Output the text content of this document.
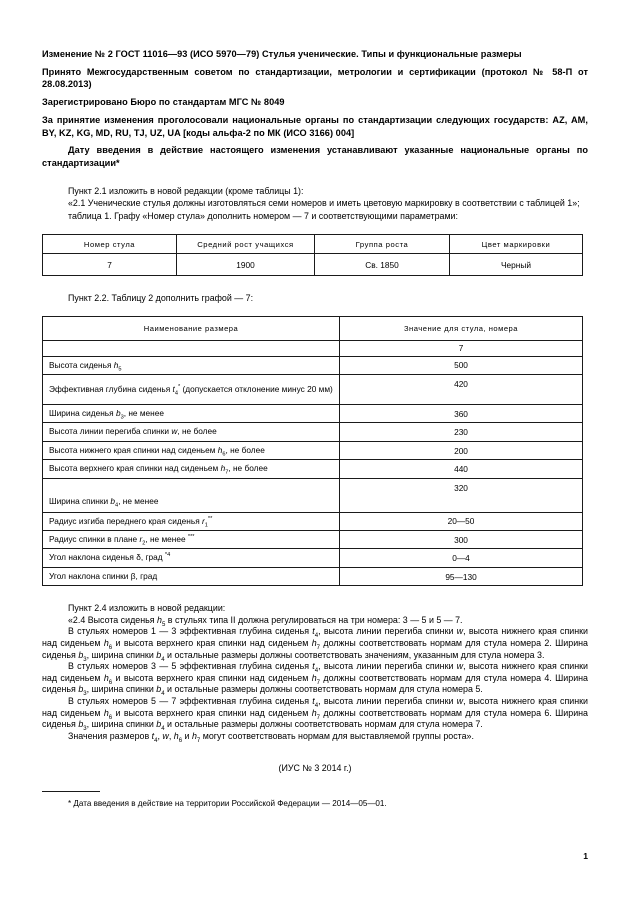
Изменение № 2 ГОСТ 11016—93 (ИСО 5970—79) Стулья ученические. Типы и функциональные размеры

Принято Межгосударственным советом по стандартизации, метрологии и сертификации (протокол № 58-П от 28.08.2013)

Зарегистрировано Бюро по стандартам МГС № 8049

За принятие изменения проголосовали национальные органы по стандартизации следующих государств: AZ, AM, BY, KZ, KG, MD, RU, TJ, UZ, UA [коды альфа-2 по МК (ИСО 3166) 004]

Дату введения в действие настоящего изменения устанавливают указанные национальные органы по стандартизации*

Пункт 2.1 изложить в новой редакции (кроме таблицы 1):

«2.1 Ученические стулья должны изготовляться семи номеров и иметь цветовую маркировку в соответствии с таблицей 1»;

таблица 1. Графу «Номер стула» дополнить номером — 7 и соответствующими параметрами:

Номер стула	Средний рост учащихся	Группа роста	Цвет маркировки
7	1900	Св. 1850	Черный

Пункт 2.2. Таблицу 2 дополнить графой — 7:

Наименование размера	Значение для стула, номера
	7
Высота сиденья $h_5$	500
Эффективная глубина сиденья $t_4^*$ (допускается отклонение минус 20 мм)	420
Ширина сиденья $b_3$, не менее	360
Высота линии перегиба спинки w, не более	230
Высота нижнего края спинки над сиденьем $h_6$, не более	200
Высота верхнего края спинки над сиденьем $h_7$, не более	440
Ширина спинки $b_4$, не менее	320
Радиус изгиба переднего края сиденья $r_1^{**}$	20—50
Радиус спинки в плане $r_2$, не менее ***	300
Угол наклона сиденья δ, град $^{*4}$	0—4
Угол наклона спинки β, град	95—130

Пункт 2.4 изложить в новой редакции:

«2.4 Высота сиденья $h_5$ в стульях типа II должна регулироваться на три номера: 3 — 5 и 5 — 7.

В стульях номеров 1 — 3 эффективная глубина сиденья $t_4$, высота линии перегиба спинки w, высота нижнего края спинки над сиденьем $h_6$ и высота верхнего края спинки над сиденьем $h_7$ должны соответствовать нормам для стула номера 2. Ширина сиденья $b_3$, ширина спинки $b_4$ и остальные размеры должны соответствовать значениям, указанным для стула номера 3.

В стульях номеров 3 — 5 эффективная глубина сиденья $t_4$, высота линии перегиба спинки w, высота нижнего края спинки над сиденьем $h_6$ и высота верхнего края спинки над сиденьем $h_7$ должны соответствовать нормам для стула номера 4. Ширина сиденья $b_3$, ширина спинки $b_4$ и остальные размеры должны соответствовать нормам для стула номера 5.

В стульях номеров 5 — 7 эффективная глубина сиденья $t_4$, высота линии перегиба спинки w, высота нижнего края спинки над сиденьем $h_6$ и высота верхнего края спинки над сиденьем $h_7$ должны соответствовать нормам для стула номера 6. Ширина сиденья $b_3$, ширина спинки $b_4$ и остальные размеры должны соответствовать нормам для стула номера 7.

Значения размеров $t_4$, w, $h_6$ и $h_7$ могут соответствовать нормам для выставляемой группы роста».

(ИУС № 3 2014 г.)
* Дата введения в действие на территории Российской Федерации — 2014—05—01.
1
